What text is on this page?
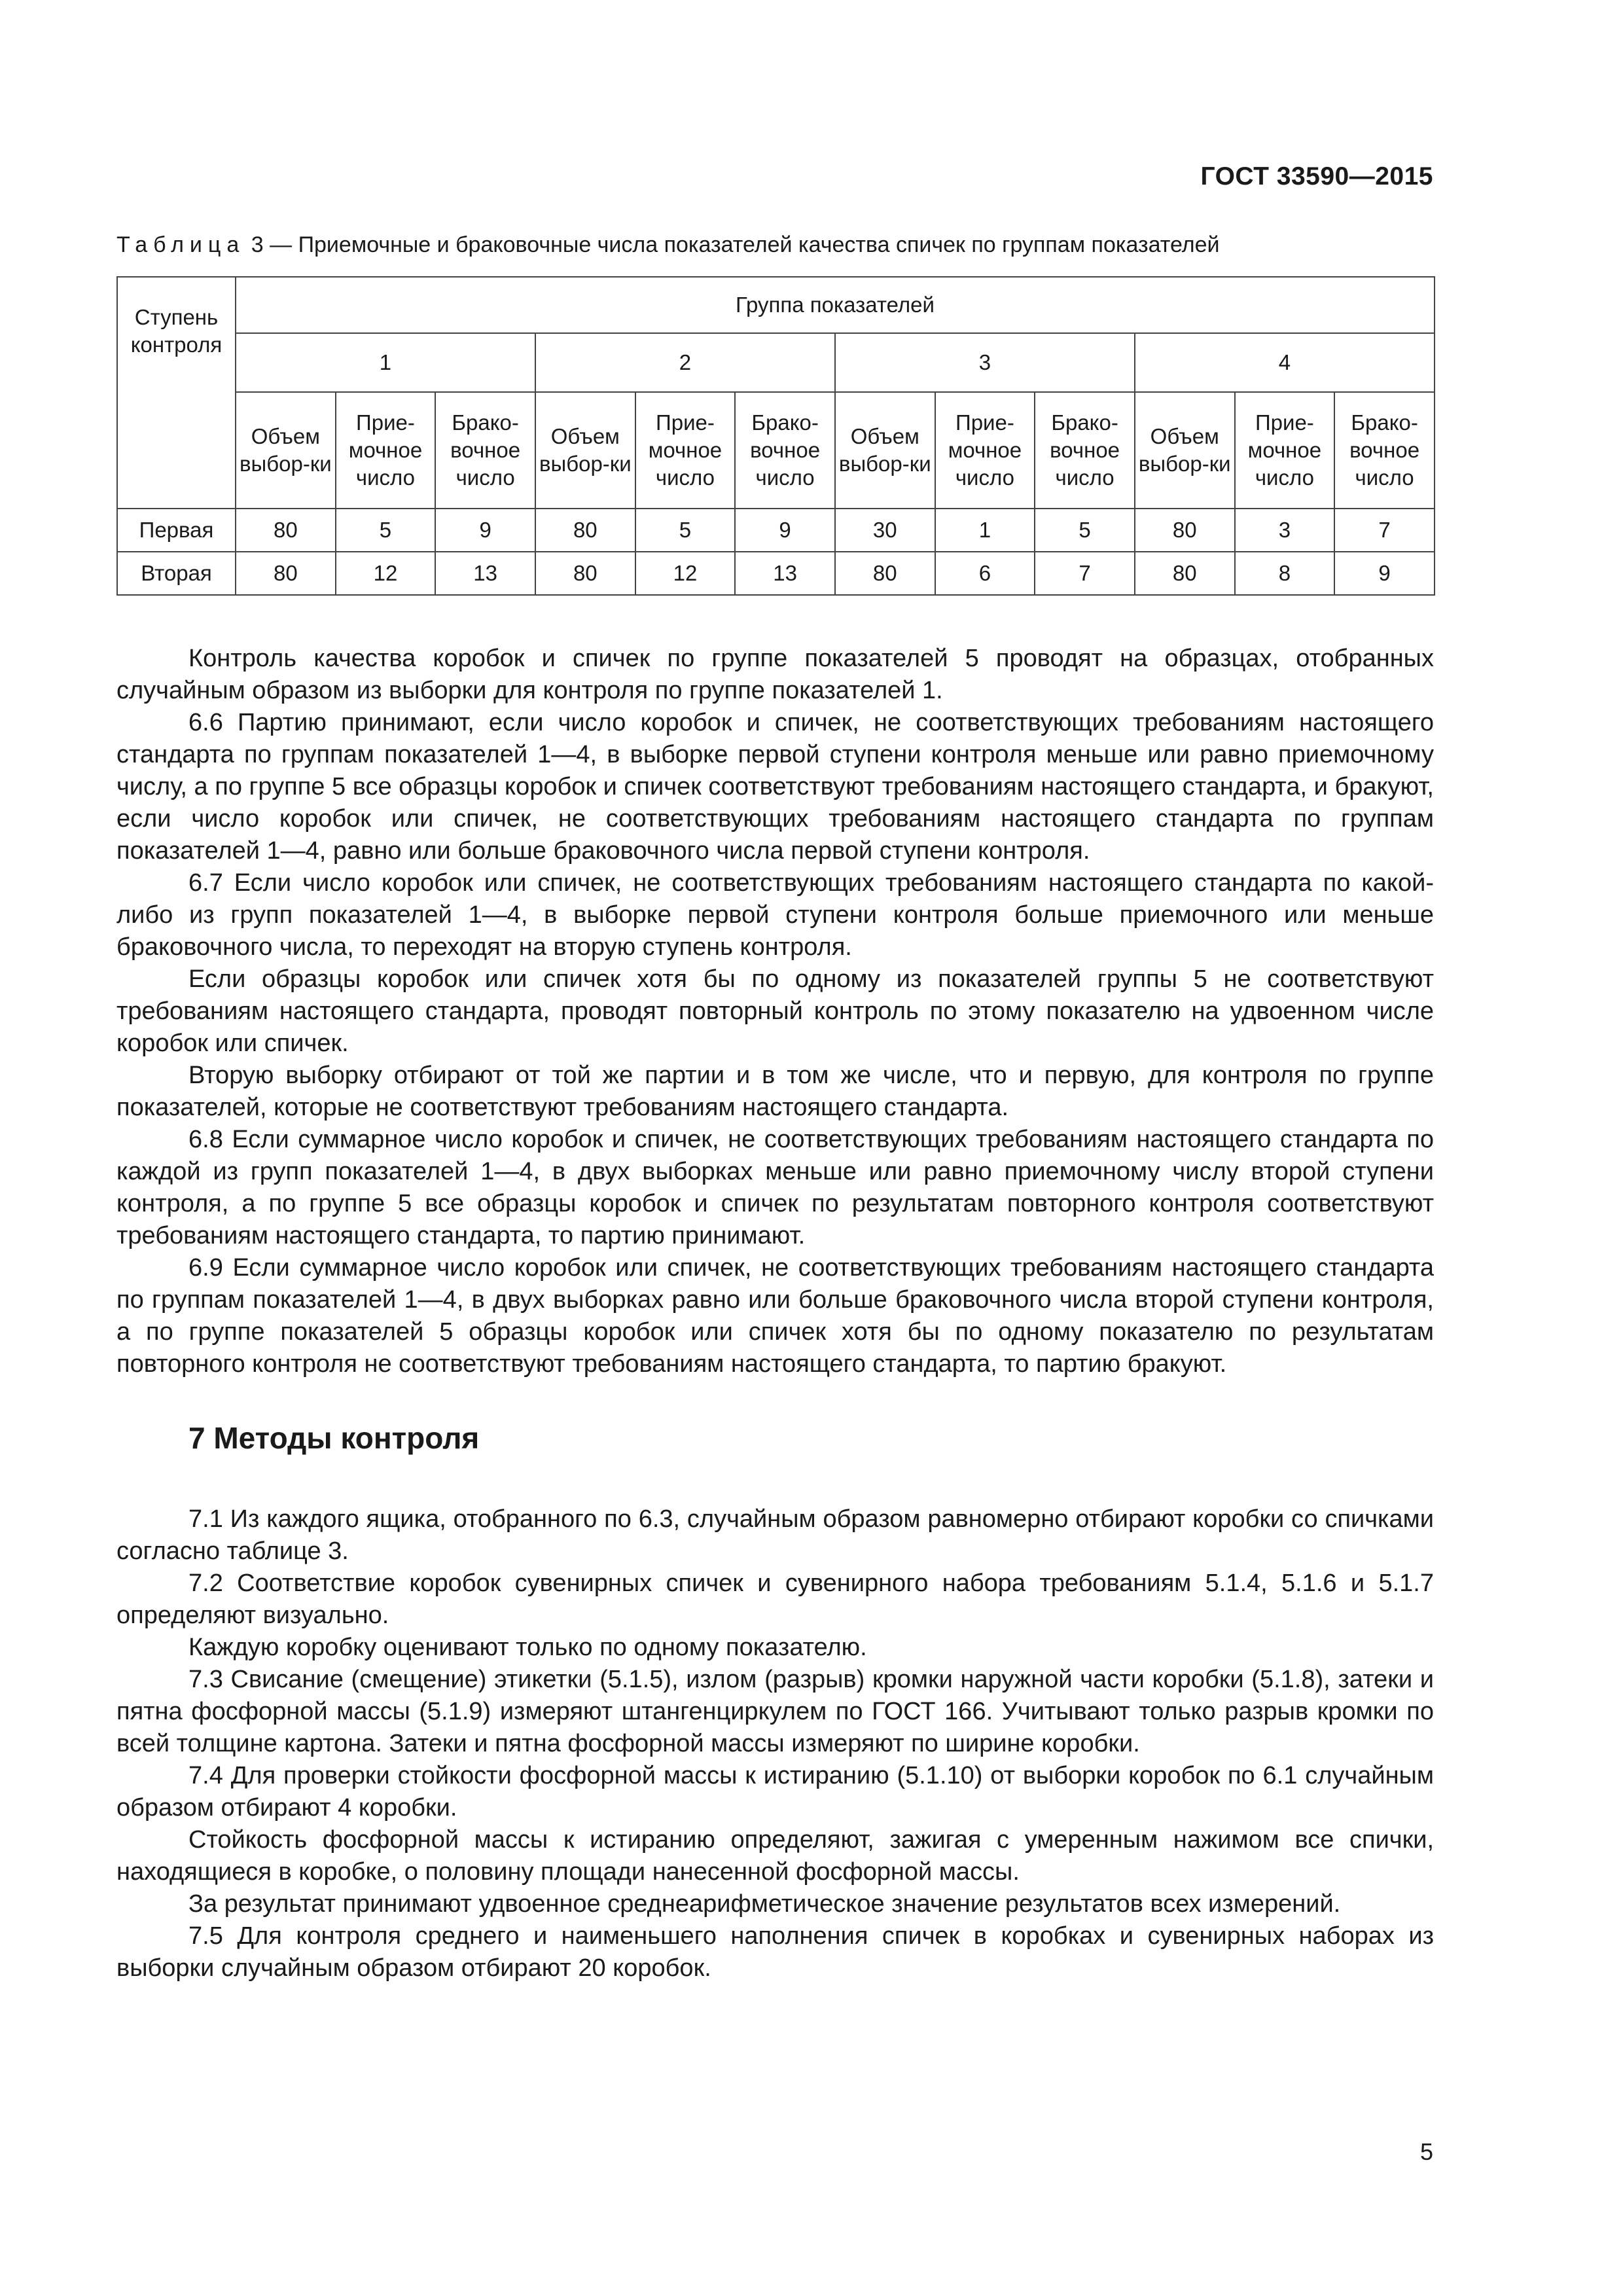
ГОСТ 33590—2015
Таблица 3 — Приемочные и браковочные числа показателей качества спичек по группам показателей
Ступень контроля	Группа показателей											
	1			2			3			4		
	Объем выбор-ки	Прие-мочное число	Брако-вочное число	Объем выбор-ки	Прие-мочное число	Брако-вочное число	Объем выбор-ки	Прие-мочное число	Брако-вочное число	Объем выбор-ки	Прие-мочное число	Брако-вочное число
Первая	80	5	9	80	5	9	30	1	5	80	3	7
Вторая	80	12	13	80	12	13	80	6	7	80	8	9

Контроль качества коробок и спичек по группе показателей 5 проводят на образцах, отобранных случайным образом из выборки для контроля по группе показателей 1.

6.6 Партию принимают, если число коробок и спичек, не соответствующих требованиям настоящего стандарта по группам показателей 1—4, в выборке первой ступени контроля меньше или равно приемочному числу, а по группе 5 все образцы коробок и спичек соответствуют требованиям настоящего стандарта, и бракуют, если число коробок или спичек, не соответствующих требованиям настоящего стандарта по группам показателей 1—4, равно или больше браковочного числа первой ступени контроля.

6.7 Если число коробок или спичек, не соответствующих требованиям настоящего стандарта по какой-либо из групп показателей 1—4, в выборке первой ступени контроля больше приемочного или меньше браковочного числа, то переходят на вторую ступень контроля.

Если образцы коробок или спичек хотя бы по одному из показателей группы 5 не соответствуют требованиям настоящего стандарта, проводят повторный контроль по этому показателю на удвоенном числе коробок или спичек.

Вторую выборку отбирают от той же партии и в том же числе, что и первую, для контроля по группе показателей, которые не соответствуют требованиям настоящего стандарта.

6.8 Если суммарное число коробок и спичек, не соответствующих требованиям настоящего стандарта по каждой из групп показателей 1—4, в двух выборках меньше или равно приемочному числу второй ступени контроля, а по группе 5 все образцы коробок и спичек по результатам повторного контроля соответствуют требованиям настоящего стандарта, то партию принимают.

6.9 Если суммарное число коробок или спичек, не соответствующих требованиям настоящего стандарта по группам показателей 1—4, в двух выборках равно или больше браковочного числа второй ступени контроля, а по группе показателей 5 образцы коробок или спичек хотя бы по одному показателю по результатам повторного контроля не соответствуют требованиям настоящего стандарта, то партию бракуют.

7 Методы контроля

7.1 Из каждого ящика, отобранного по 6.3, случайным образом равномерно отбирают коробки со спичками согласно таблице 3.

7.2 Соответствие коробок сувенирных спичек и сувенирного набора требованиям 5.1.4, 5.1.6 и 5.1.7 определяют визуально.

Каждую коробку оценивают только по одному показателю.

7.3 Свисание (смещение) этикетки (5.1.5), излом (разрыв) кромки наружной части коробки (5.1.8), затеки и пятна фосфорной массы (5.1.9) измеряют штангенциркулем по ГОСТ 166. Учитывают только разрыв кромки по всей толщине картона. Затеки и пятна фосфорной массы измеряют по ширине коробки.

7.4 Для проверки стойкости фосфорной массы к истиранию (5.1.10) от выборки коробок по 6.1 случайным образом отбирают 4 коробки.

Стойкость фосфорной массы к истиранию определяют, зажигая с умеренным нажимом все спички, находящиеся в коробке, о половину площади нанесенной фосфорной массы.

За результат принимают удвоенное среднеарифметическое значение результатов всех измерений.

7.5 Для контроля среднего и наименьшего наполнения спичек в коробках и сувенирных наборах из выборки случайным образом отбирают 20 коробок.

5
